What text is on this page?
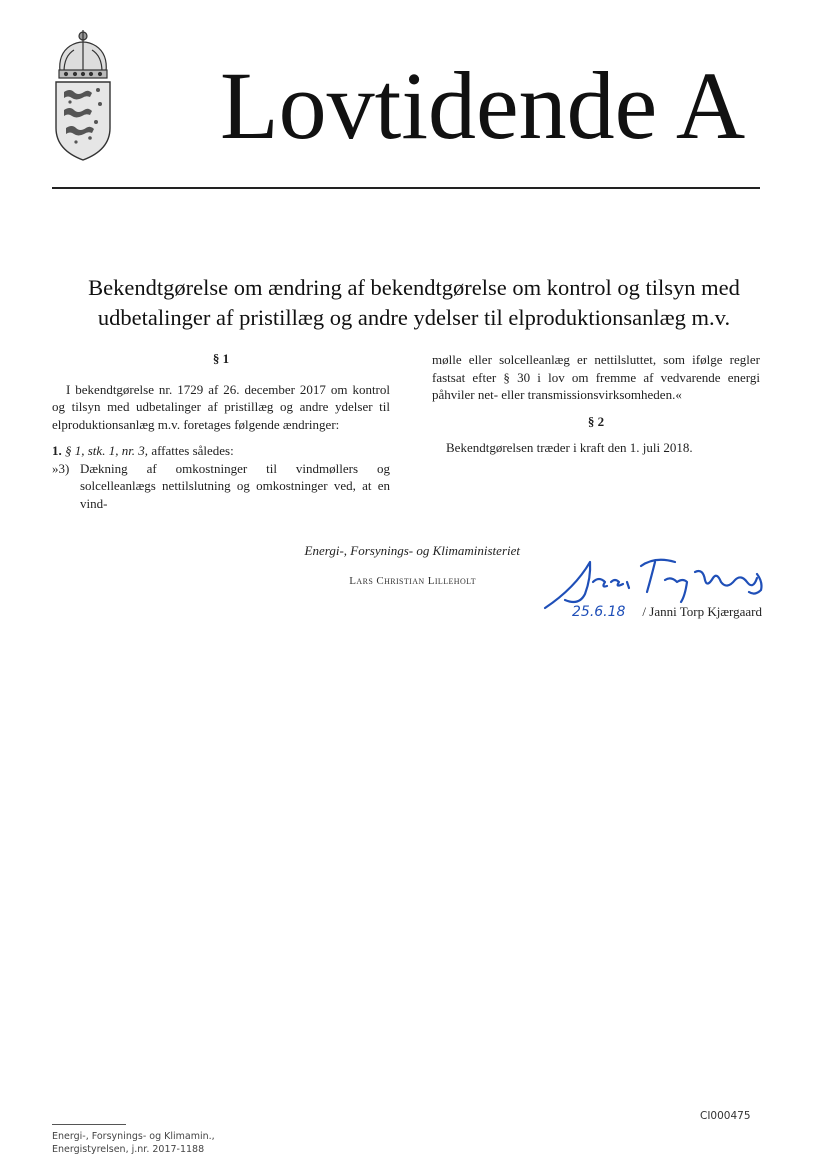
Lovtidende A
Bekendtgørelse om ændring af bekendtgørelse om kontrol og tilsyn med
udbetalinger af pristillæg og andre ydelser til elproduktionsanlæg m.v.
§ 1
I bekendtgørelse nr. 1729 af 26. december 2017 om kontrol og tilsyn med udbetalinger af pristillæg og andre ydelser til elproduktionsanlæg m.v. foretages følgende ændringer:
1. § 1, stk. 1, nr. 3, affattes således:
»3) Dækning af omkostninger til vindmøllers og solcelleanlægs nettilslutning og omkostninger ved, at en vind-
mølle eller solcelleanlæg er nettilsluttet, som ifølge regler fastsat efter § 30 i lov om fremme af vedvarende energi påhviler net- eller transmissionsvirksomheden.«
§ 2
Bekendtgørelsen træder i kraft den 1. juli 2018.
Energi-, Forsynings- og Klimaministeriet
Lars Christian Lilleholt
25.6.18	/ Janni Torp Kjærgaard
Energi-, Forsynings- og Klimamin.,
Energistyrelsen, j.nr. 2017-1188
CI000475
